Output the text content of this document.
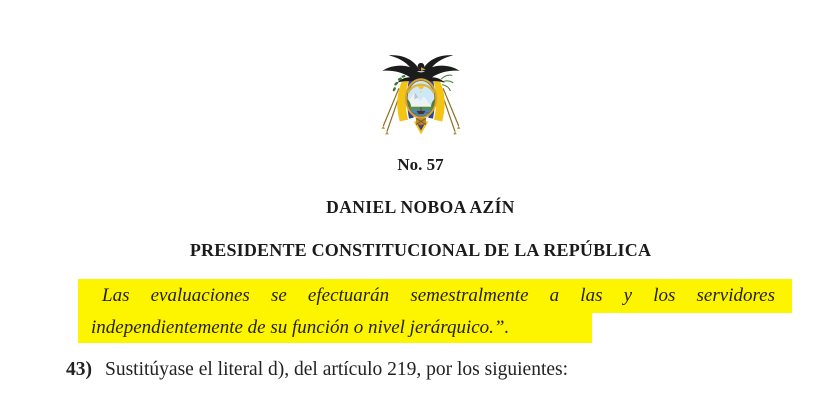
No. 57
DANIEL NOBOA AZÍN
PRESIDENTE CONSTITUCIONAL DE LA REPÚBLICA
Las evaluaciones se efectuarán semestralmente a las y los servidores
independientemente de su función o nivel jerárquico.”.
43) Sustitúyase el literal d), del artículo 219, por los siguientes:
